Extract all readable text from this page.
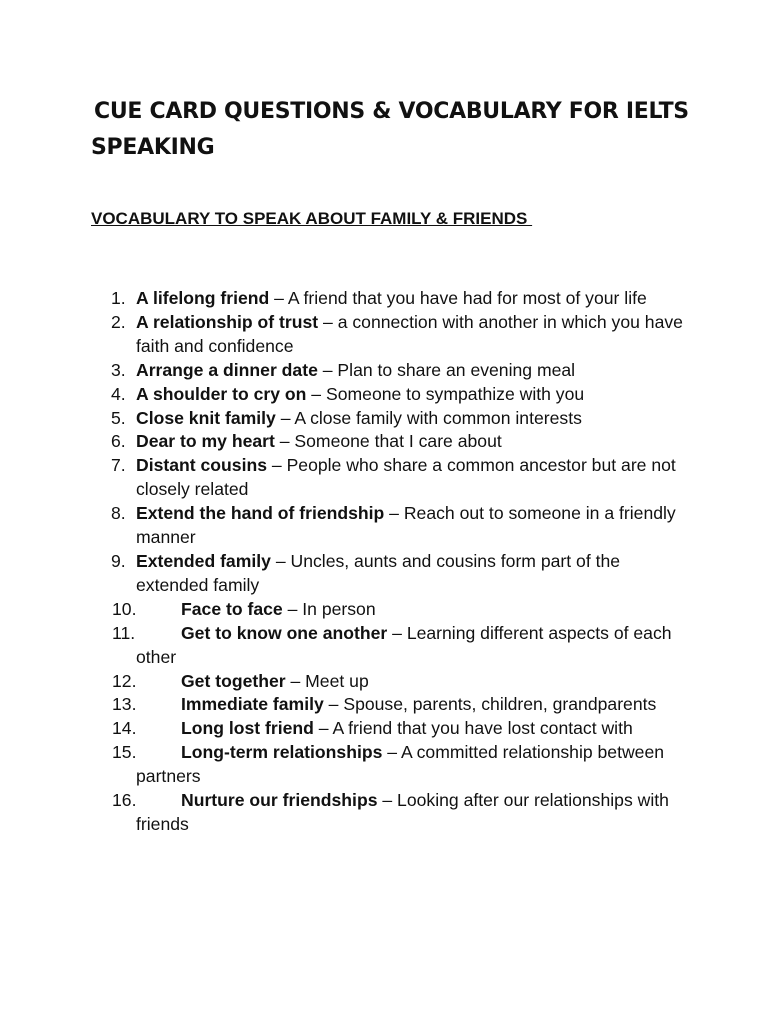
CUE CARD QUESTIONS & VOCABULARY FOR IELTS
SPEAKING
VOCABULARY TO SPEAK ABOUT FAMILY & FRIENDS
1. A lifelong friend – A friend that you have had for most of your life
2. A relationship of trust – a connection with another in which you have faith and confidence
3. Arrange a dinner date – Plan to share an evening meal
4. A shoulder to cry on – Someone to sympathize with you
5. Close knit family – A close family with common interests
6. Dear to my heart – Someone that I care about
7. Distant cousins – People who share a common ancestor but are not closely related
8. Extend the hand of friendship – Reach out to someone in a friendly manner
9. Extended family – Uncles, aunts and cousins form part of the extended family
10.	Face to face – In person
11.	Get to know one another – Learning different aspects of each other
12.	Get together – Meet up
13.	Immediate family – Spouse, parents, children, grandparents
14.	Long lost friend – A friend that you have lost contact with
15.	Long-term relationships – A committed relationship between partners
16.	Nurture our friendships – Looking after our relationships with friends
